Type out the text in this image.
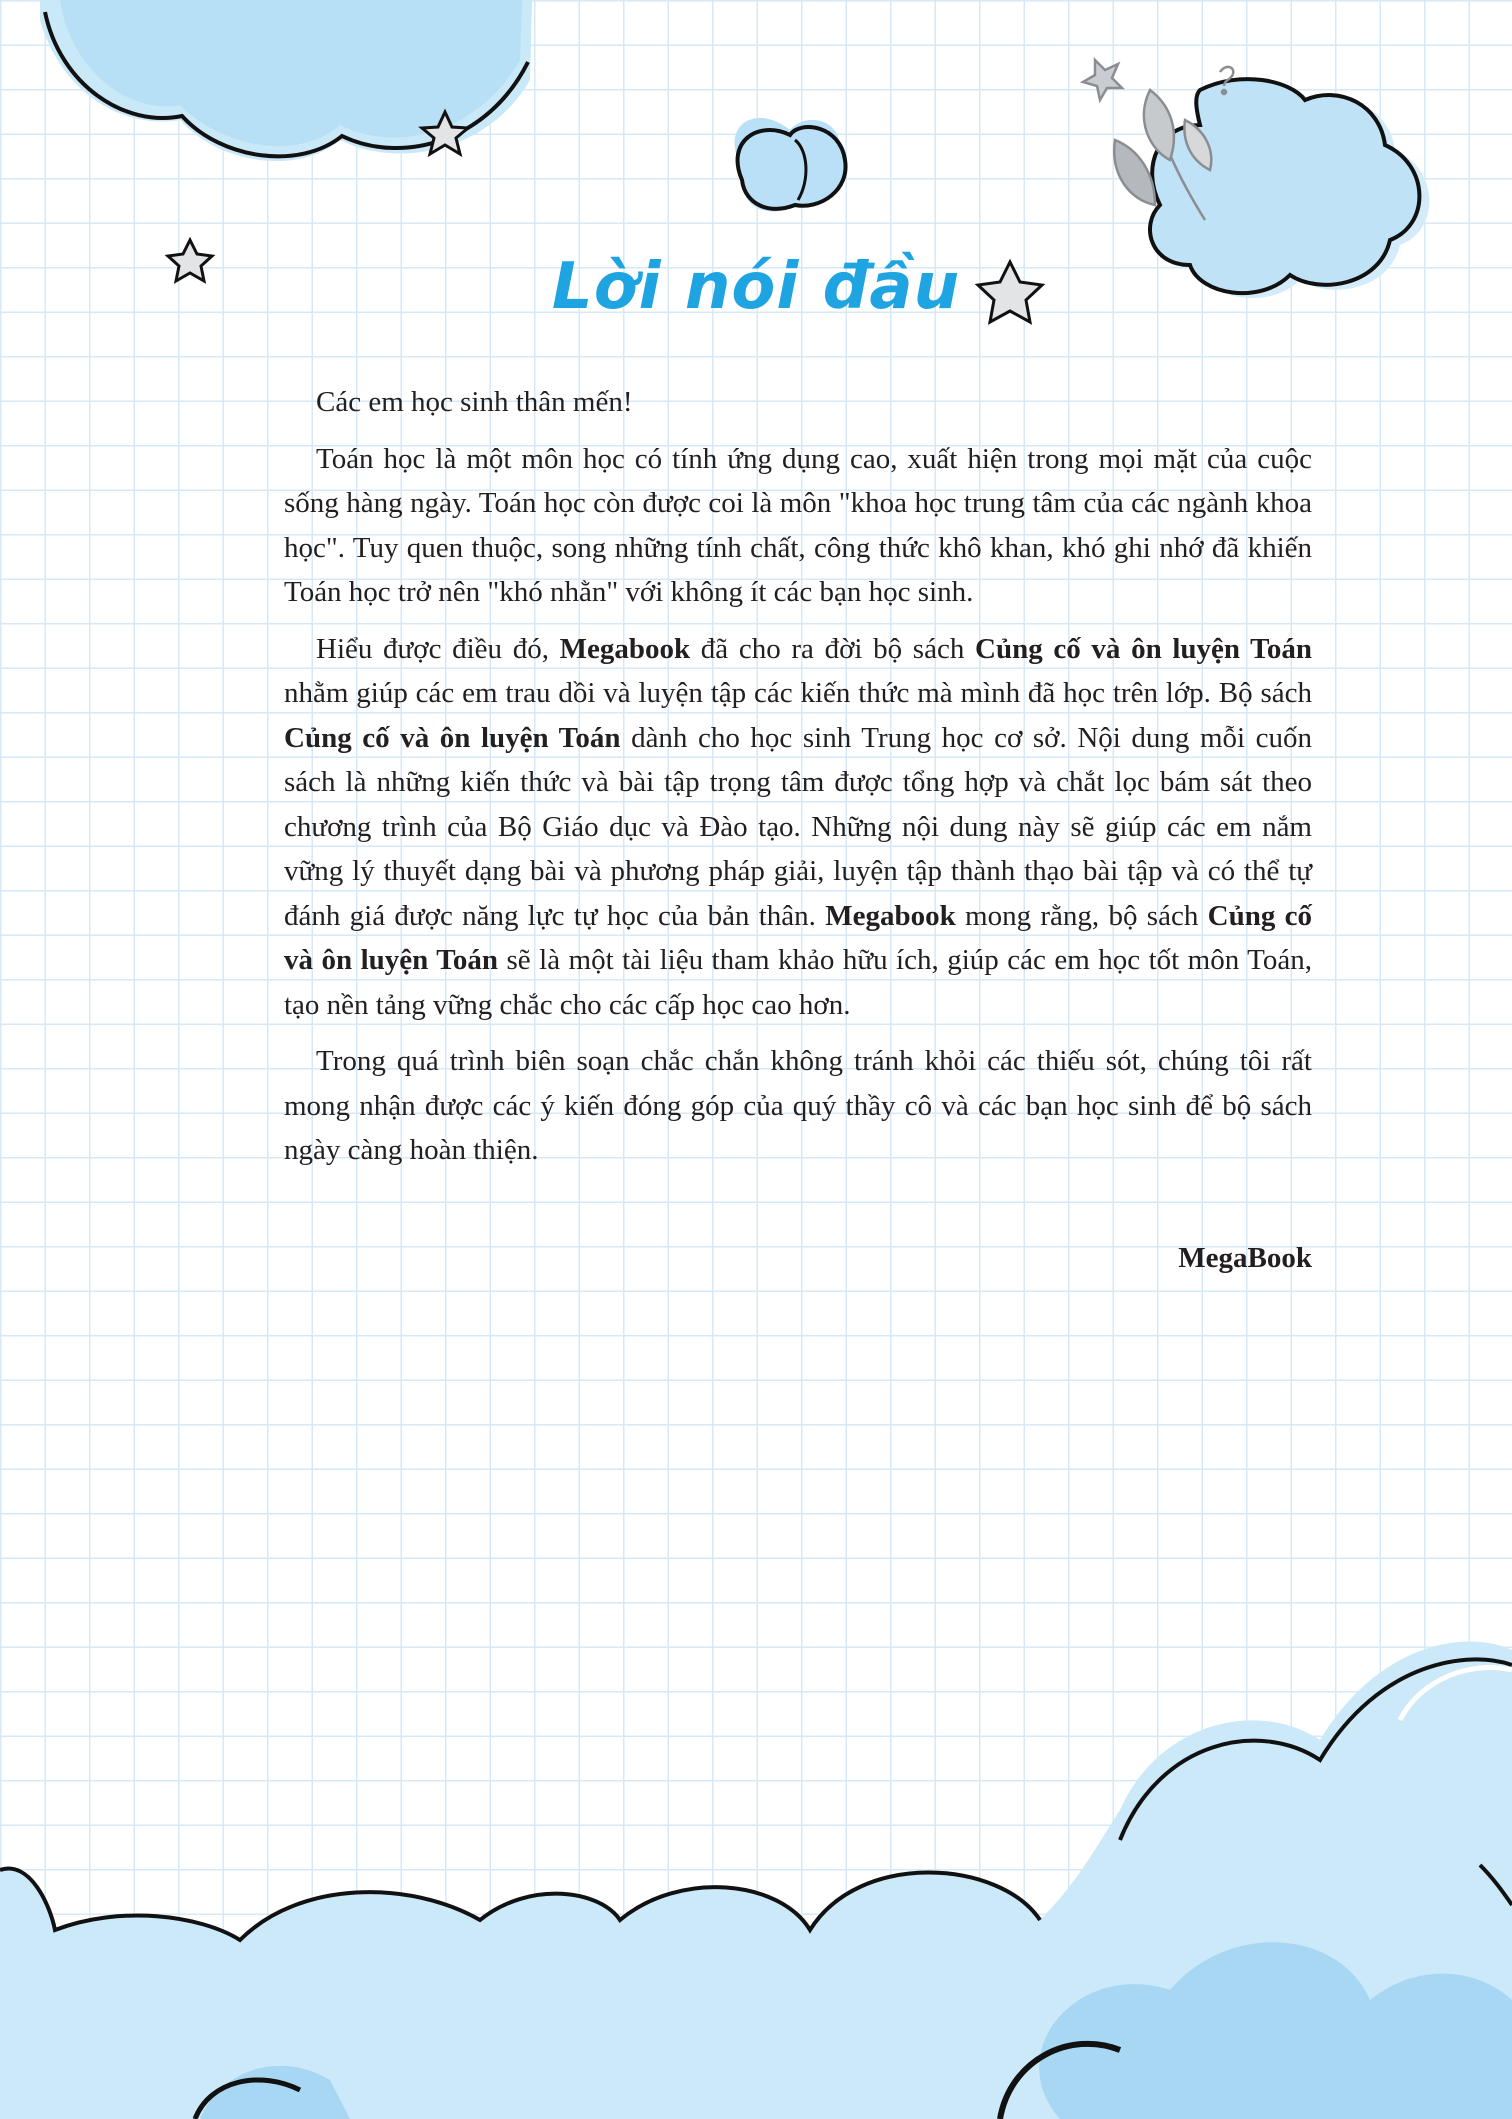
Lời nói đầu

Các em học sinh thân mến!

Toán học là một môn học có tính ứng dụng cao, xuất hiện trong mọi mặt của cuộc sống hàng ngày. Toán học còn được coi là môn "khoa học trung tâm của các ngành khoa học". Tuy quen thuộc, song những tính chất, công thức khô khan, khó ghi nhớ đã khiến Toán học trở nên "khó nhằn" với không ít các bạn học sinh.

Hiểu được điều đó, Megabook đã cho ra đời bộ sách Củng cố và ôn luyện Toán nhằm giúp các em trau dồi và luyện tập các kiến thức mà mình đã học trên lớp. Bộ sách Củng cố và ôn luyện Toán dành cho học sinh Trung học cơ sở. Nội dung mỗi cuốn sách là những kiến thức và bài tập trọng tâm được tổng hợp và chắt lọc bám sát theo chương trình của Bộ Giáo dục và Đào tạo. Những nội dung này sẽ giúp các em nắm vững lý thuyết dạng bài và phương pháp giải, luyện tập thành thạo bài tập và có thể tự đánh giá được năng lực tự học của bản thân. Megabook mong rằng, bộ sách Củng cố và ôn luyện Toán sẽ là một tài liệu tham khảo hữu ích, giúp các em học tốt môn Toán, tạo nền tảng vững chắc cho các cấp học cao hơn.

Trong quá trình biên soạn chắc chắn không tránh khỏi các thiếu sót, chúng tôi rất mong nhận được các ý kiến đóng góp của quý thầy cô và các bạn học sinh để bộ sách ngày càng hoàn thiện.

MegaBook
